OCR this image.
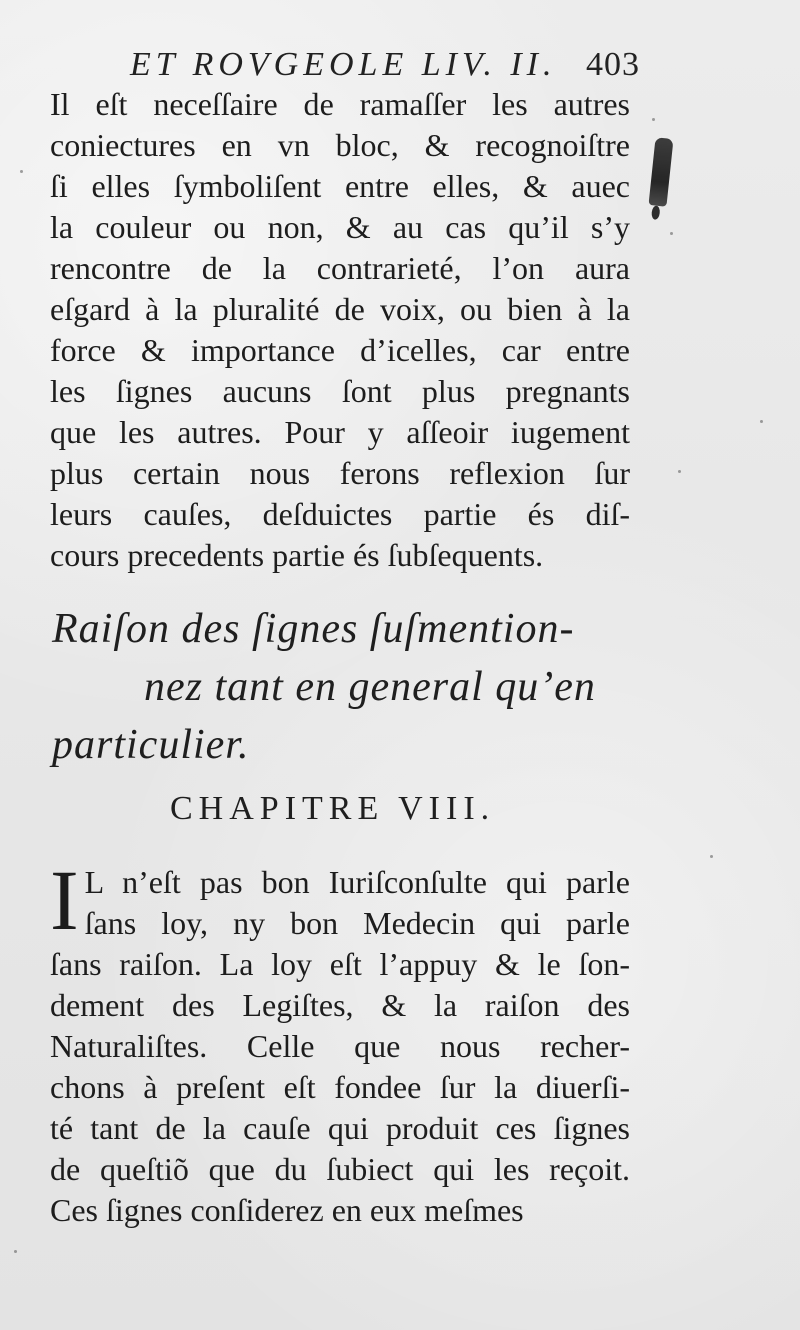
ET ROVGEOLE LIV. II. 403

Il eſt neceſſaire de ramaſſer les autres
coniectures en vn bloc, & recognoiſtre
ſi elles ſymboliſent entre elles, & auec
la couleur ou non, & au cas qu’il s’y
rencontre de la contrarieté, l’on aura
eſgard à la pluralité de voix, ou bien à la
force & importance d’icelles, car entre
les ſignes aucuns ſont plus pregnants
que les autres. Pour y aſſeoir iugement
plus certain nous ferons reflexion ſur
leurs cauſes, deſduictes partie és diſ-
cours precedents partie és ſubſequents.

Raiſon des ſignes ſuſmention-
nez tant en general qu’en
particulier.
CHAPITRE VIII.
I L n’eſt pas bon Iuriſconſulte qui parle
ſans loy, ny bon Medecin qui parle
ſans raiſon. La loy eſt l’appuy & le ſon-
dement des Legiſtes, & la raiſon des
Naturaliſtes. Celle que nous recher-
chons à preſent eſt fondee ſur la diuerſi-
té tant de la cauſe qui produit ces ſignes
de queſtiõ que du ſubiect qui les reçoit.
Ces ſignes conſiderez en eux meſmes
